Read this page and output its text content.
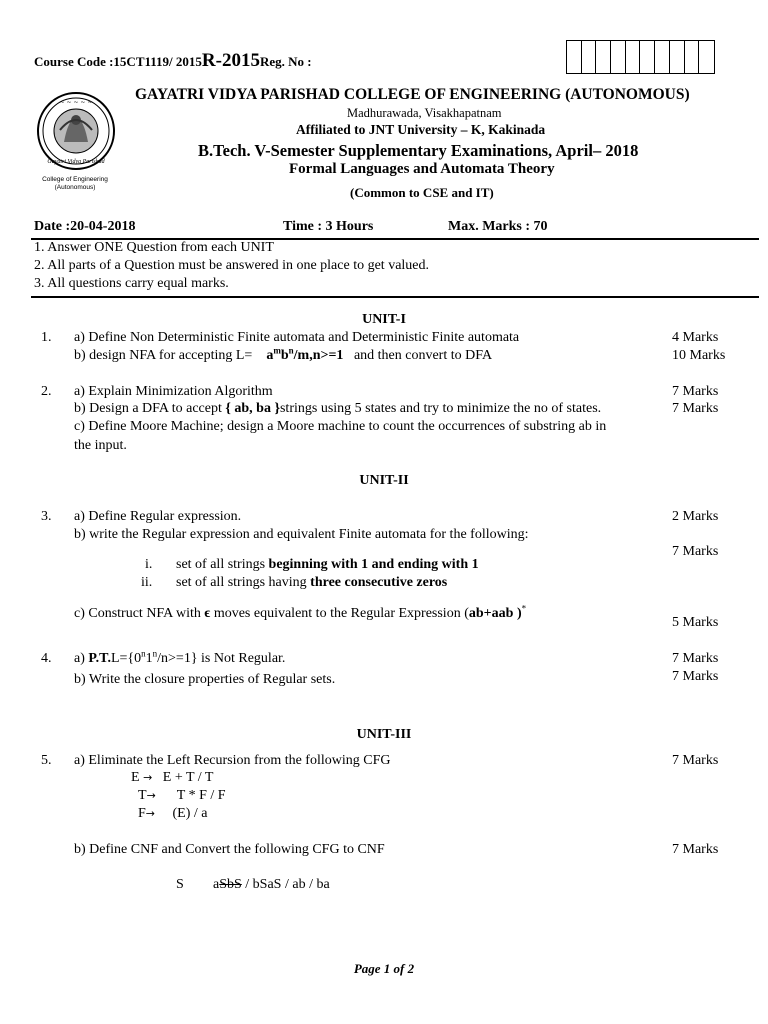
Course Code :15CT1119/ 2015R-2015Reg. No :
~ ~ ~ ~ ~
Gayatri Vidya Parishad
College of Engineering
(Autonomous)
GAYATRI VIDYA PARISHAD COLLEGE OF ENGINEERING (AUTONOMOUS)
Madhurawada, Visakhapatnam
Affiliated to JNT University – K, Kakinada
B.Tech. V-Semester Supplementary Examinations, April– 2018
Formal Languages and Automata Theory
(Common to CSE and IT)
Date :20-04-2018	Time : 3 Hours	Max. Marks : 70
1. Answer ONE Question from each UNIT
2. All parts of a Question must be answered in one place to get valued.
3. All questions carry equal marks.
UNIT-I
1. a) Define Non Deterministic Finite automata and Deterministic Finite automata	4 Marks
b) design NFA for accepting $L= a^mb^n/m,n>=1$   and then convert to DFA	10 Marks
2. a) Explain Minimization Algorithm	7 Marks
b) Design a DFA to accept { ab, ba }strings using 5 states and try to minimize the no of states.	7 Marks
c) Define Moore Machine; design a Moore machine to count the occurrences of substring ab in
the input.
UNIT-II
3. a) Define Regular expression.	2 Marks
b) write the Regular expression and equivalent Finite automata for the following:
7 Marks
i. set of all strings beginning with 1 and ending with 1
ii. set of all strings having three consecutive zeros
c) Construct NFA with ϵ moves equivalent to the Regular Expression (ab+aab )*
5 Marks
4. a) $P.T.L=\{0^n1^n/n>=1\}$ is Not Regular.	7 Marks
b) Write the closure properties of Regular sets.	7 Marks
UNIT-III
5. a) Eliminate the Left Recursion from the following CFG	7 Marks
E → E + T / T
T→ T * F / F
F→ (E) / a
b) Define CNF and Convert the following CFG to CNF	7 Marks
S aSbS / bSaS / ab / ba
Page 1 of 2
